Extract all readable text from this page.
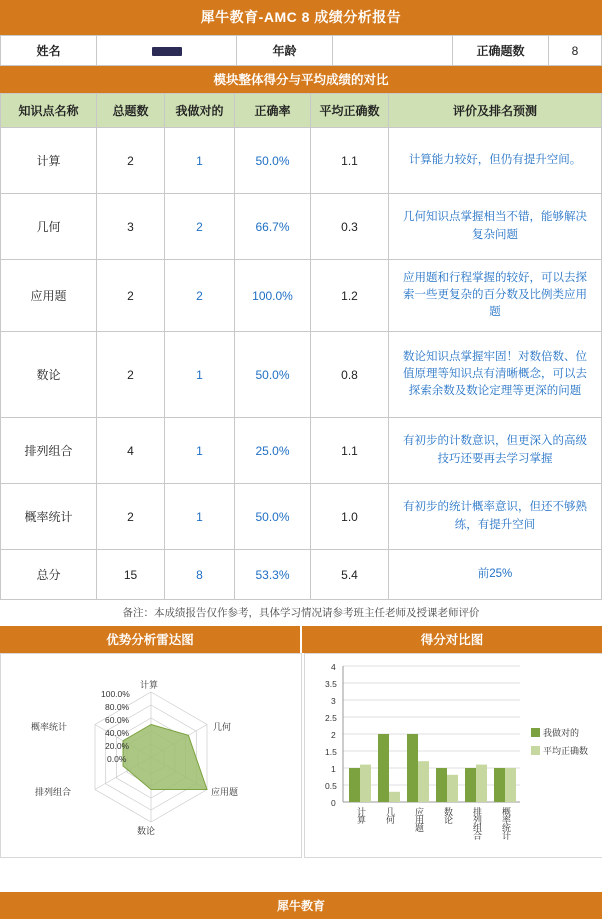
犀牛教育-AMC 8 成绩分析报告
姓名		年龄		正确题数	8
模块整体得分与平均成绩的对比
知识点名称	总题数	我做对的	正确率	平均正确数	评价及排名预测
计算	2	1	50.0%	1.1	计算能力较好，但仍有提升空间。
几何	3	2	66.7%	0.3	几何知识点掌握相当不错，能够解决复杂问题
应用题	2	2	100.0%	1.2	应用题和行程掌握的较好，可以去探索一些更复杂的百分数及比例类应用题
数论	2	1	50.0%	0.8	数论知识点掌握牢固！对数倍数、位值原理等知识点有清晰概念，可以去探索余数及数论定理等更深的问题
排列组合	4	1	25.0%	1.1	有初步的计数意识，但更深入的高级技巧还要再去学习掌握
概率统计	2	1	50.0%	1.0	有初步的统计概率意识，但还不够熟练，有提升空间
总分	15	8	53.3%	5.4	前25%
备注：本成绩报告仅作参考，具体学习情况请参考班主任老师及授课老师评价
优势分析雷达图	得分对比图
计算
几何
应用题
数论
排列组合
概率统计
100.0%
80.0%
60.0%
40.0%
20.0%
0.0%
4
3.5
3
2.5
2
1.5
1
0.5
0
计算 几何 应用题 数论 排列组合 概率统计
我做对的
平均正确数
犀牛教育
